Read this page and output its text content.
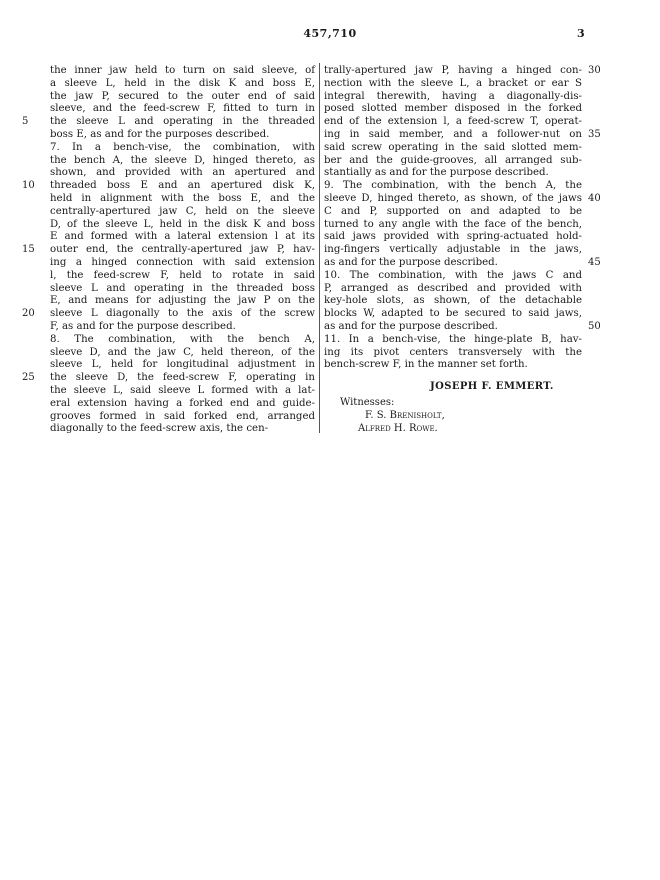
457,710	3
the inner jaw held to turn on said sleeve, of
a sleeve L, held in the disk K and boss E,
the jaw P, secured to the outer end of said
sleeve, and the feed-screw F, fitted to turn in
the sleeve L and operating in the threaded
boss E, as and for the purposes described.
7. In a bench-vise, the combination, with
the bench A, the sleeve D, hinged thereto, as
shown, and provided with an apertured and
threaded boss E and an apertured disk K,
held in alignment with the boss E, and the
centrally-apertured jaw C, held on the sleeve
D, of the sleeve L, held in the disk K and boss
E and formed with a lateral extension l at its
outer end, the centrally-apertured jaw P, hav-
ing a hinged connection with said extension
l, the feed-screw F, held to rotate in said
sleeve L and operating in the threaded boss
E, and means for adjusting the jaw P on the
sleeve L diagonally to the axis of the screw
F, as and for the purpose described.
8. The combination, with the bench A,
sleeve D, and the jaw C, held thereon, of the
sleeve L, held for longitudinal adjustment in
the sleeve D, the feed-screw F, operating in
the sleeve L, said sleeve L formed with a lat-
eral extension having a forked end and guide-
grooves formed in said forked end, arranged
diagonally to the feed-screw axis, the cen-
trally-apertured jaw P, having a hinged con-
nection with the sleeve L, a bracket or ear S
integral therewith, having a diagonally-dis-
posed slotted member disposed in the forked
end of the extension l, a feed-screw T, operat-
ing in said member, and a follower-nut on
said screw operating in the said slotted mem-
ber and the guide-grooves, all arranged sub-
stantially as and for the purpose described.
9. The combination, with the bench A, the
sleeve D, hinged thereto, as shown, of the jaws
C and P, supported on and adapted to be
turned to any angle with the face of the bench,
said jaws provided with spring-actuated hold-
ing-fingers vertically adjustable in the jaws,
as and for the purpose described.
10. The combination, with the jaws C and
P, arranged as described and provided with
key-hole slots, as shown, of the detachable
blocks W, adapted to be secured to said jaws,
as and for the purpose described.
11. In a bench-vise, the hinge-plate B, hav-
ing its pivot centers transversely with the
bench-screw F, in the manner set forth.
5
10
15
20
25
30
35
40
45
50
JOSEPH F. EMMERT.
Witnesses:
F. S. Brenisholt,
Alfred H. Rowe.
